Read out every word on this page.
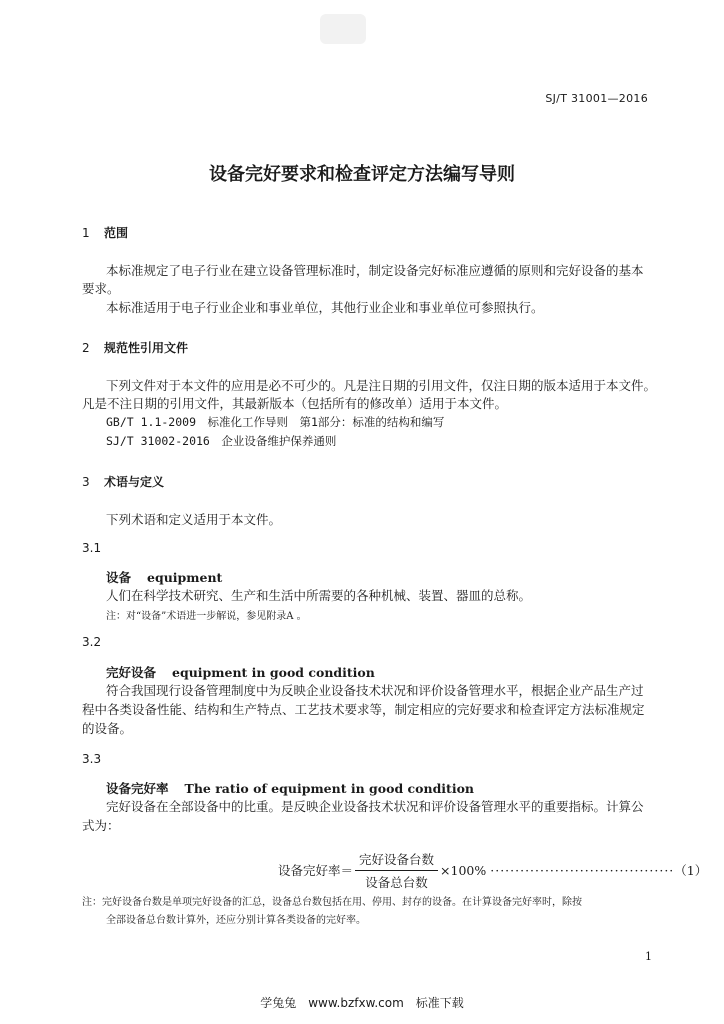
SJ/T 31001—2016
设备完好要求和检查评定方法编写导则
1 范围
本标准规定了电子行业在建立设备管理标准时，制定设备完好标准应遵循的原则和完好设备的基本
要求。
本标准适用于电子行业企业和事业单位，其他行业企业和事业单位可参照执行。
2 规范性引用文件
下列文件对于本文件的应用是必不可少的。凡是注日期的引用文件，仅注日期的版本适用于本文件。
凡是不注日期的引用文件，其最新版本（包括所有的修改单）适用于本文件。
GB/T 1.1-2009　标准化工作导则　第1部分：标准的结构和编写
SJ/T 31002-2016　企业设备维护保养通则
3 术语与定义
下列术语和定义适用于本文件。
3.1
设备 equipment
人们在科学技术研究、生产和生活中所需要的各种机械、装置、器皿的总称。
注：对“设备”术语进一步解说，参见附录A 。
3.2
完好设备 equipment in good condition
符合我国现行设备管理制度中为反映企业设备技术状况和评价设备管理水平，根据企业产品生产过
程中各类设备性能、结构和生产特点、工艺技术要求等，制定相应的完好要求和检查评定方法标准规定
的设备。
3.3
设备完好率 The ratio of equipment in good condition
完好设备在全部设备中的比重。是反映企业设备技术状况和评价设备管理水平的重要指标。计算公
式为：
设备完好率＝ $\frac{\text{完好设备台数}}{\text{设备总台数}} \times 100\%$ ····································· （1）
注：完好设备台数是单项完好设备的汇总，设备总台数包括在用、停用、封存的设备。在计算设备完好率时，除按
全部设备总台数计算外，还应分别计算各类设备的完好率。
1
学兔兔　www.bzfxw.com　标准下载
